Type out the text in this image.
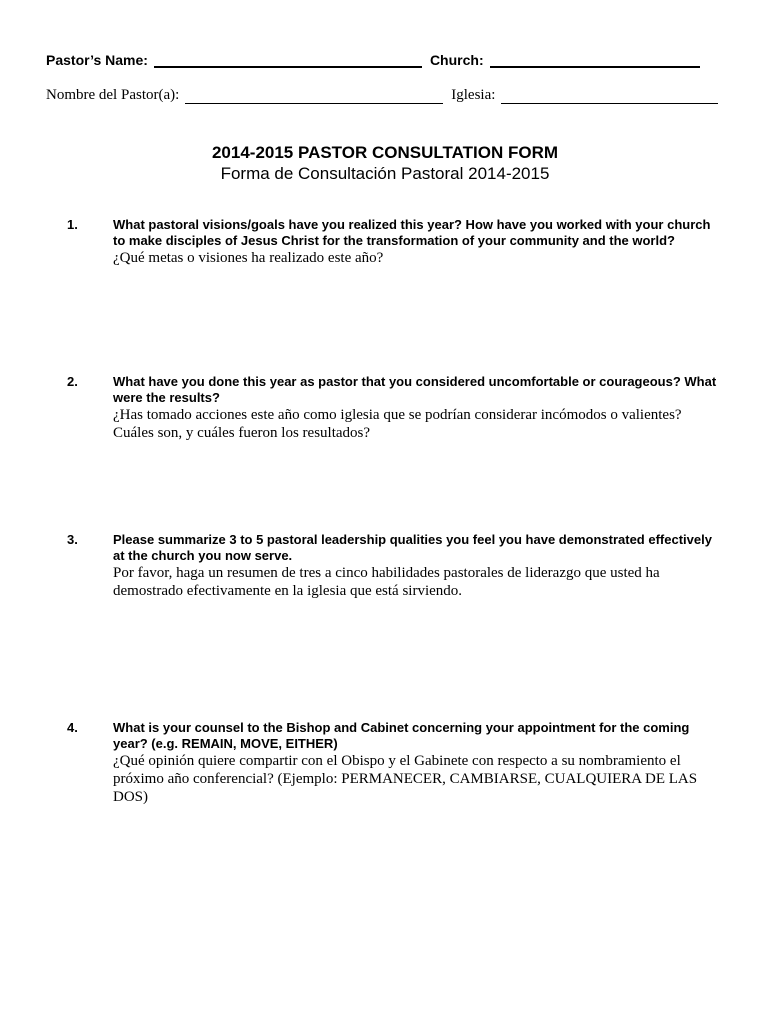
Pastor’s Name:	Church:
Nombre del Pastor(a):	Iglesia:
2014-2015 PASTOR CONSULTATION FORM
Forma de Consultación Pastoral 2014-2015
1.	What pastoral visions/goals have you realized this year? How have you worked with your church to make disciples of Jesus Christ for the transformation of your community and the world?

¿Qué metas o visiones ha realizado este año?

2.	What have you done this year as pastor that you considered uncomfortable or courageous? What were the results?

¿Has tomado acciones este año como iglesia que se podrían considerar incómodos o valientes? Cuáles son, y cuáles fueron los resultados?

3.	Please summarize 3 to 5 pastoral leadership qualities you feel you have demonstrated effectively at the church you now serve.

Por favor, haga un resumen de tres a cinco habilidades pastorales de liderazgo que usted ha demostrado efectivamente en la iglesia que está sirviendo.

4.	What is your counsel to the Bishop and Cabinet concerning your appointment for the coming year? (e.g. REMAIN, MOVE, EITHER)

¿Qué opinión quiere compartir con el Obispo y el Gabinete con respecto a su nombramiento el próximo año conferencial? (Ejemplo: PERMANECER, CAMBIARSE, CUALQUIERA DE LAS DOS)
